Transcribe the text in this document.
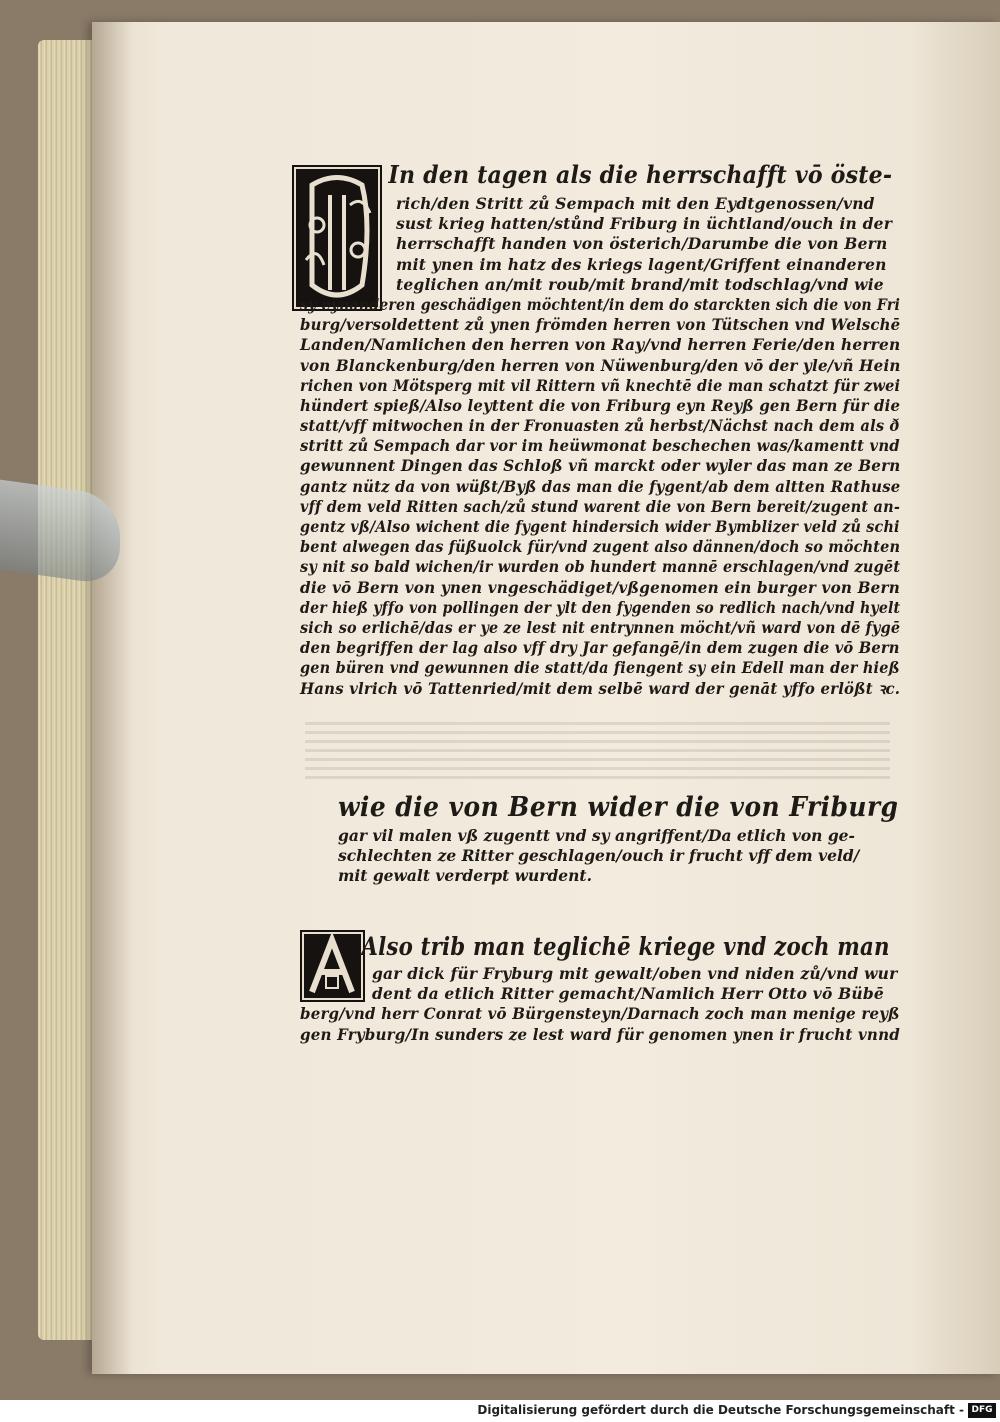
In den tagen als die herrschafft vō öste-
rich/den Stritt zů Sempach mit den Eydtgenossen/vnd
sust krieg hatten/stůnd Friburg in üchtland/ouch in der
herrschafft handen von österich/Darumbe die von Bern
mit ynen im hatz des kriegs lagent/Griffent einanderen
teglichen an/mit roub/mit brand/mit todschlag/vnd wie
sy eynanderen geschädigen möchtent/in dem do starckten sich die von Fri
burg/versoldettent zů ynen frömden herren von Tütschen vnd Welschē
Landen/Namlichen den herren von Ray/vnd herren Ferie/den herren
von Blanckenburg/den herren von Nüwenburg/den vō der yle/vñ Hein
richen von Mötsperg mit vil Rittern vñ knechtē die man schatzt für zwei
hündert spieß/Also leyttent die von Friburg eyn Reyß gen Bern für die
statt/vff mitwochen in der Fronuasten zů herbst/Nächst nach dem als ð
stritt zů Sempach dar vor im heüwmonat beschechen was/kamentt vnd
gewunnent Dingen das Schloß vñ marckt oder wyler das man ze Bern
gantz nütz da von wüßt/Byß das man die fygent/ab dem altten Rathuse
vff dem veld Ritten sach/zů stund warent die von Bern bereit/zugent an-
gentz vß/Also wichent die fygent hindersich wider Bymblizer veld zů schi
bent alwegen das füßuolck für/vnd zugent also dännen/doch so möchten
sy nit so bald wichen/ir wurden ob hundert mannē erschlagen/vnd zugēt
die vō Bern von ynen vngeschädiget/vßgenomen ein burger von Bern
der hieß yffo von pollingen der ylt den fygenden so redlich nach/vnd hyelt
sich so erlichē/das er ye ze lest nit entrynnen möcht/vñ ward von dē fygē
den begriffen der lag also vff dry Jar gefangē/in dem zugen die vō Bern
gen büren vnd gewunnen die statt/da fiengent sy ein Edell man der hieß
Hans vlrich vō Tattenried/mit dem selbē ward der genāt yffo erlößt ꝛc.
wie die von Bern wider die von Friburg
gar vil malen vß zugentt vnd sy angriffent/Da etlich von ge-
schlechten ze Ritter geschlagen/ouch ir frucht vff dem veld/
mit gewalt verderpt wurdent.
Also trib man teglichē kriege vnd zoch man
gar dick für Fryburg mit gewalt/oben vnd niden zů/vnd wur
dent da etlich Ritter gemacht/Namlich Herr Otto vō Bübē
berg/vnd herr Conrat vō Bürgensteyn/Darnach zoch man menige reyß
gen Fryburg/In sunders ze lest ward für genomen ynen ir frucht vnnd
Digitalisierung gefördert durch die Deutsche Forschungsgemeinschaft - DFG
